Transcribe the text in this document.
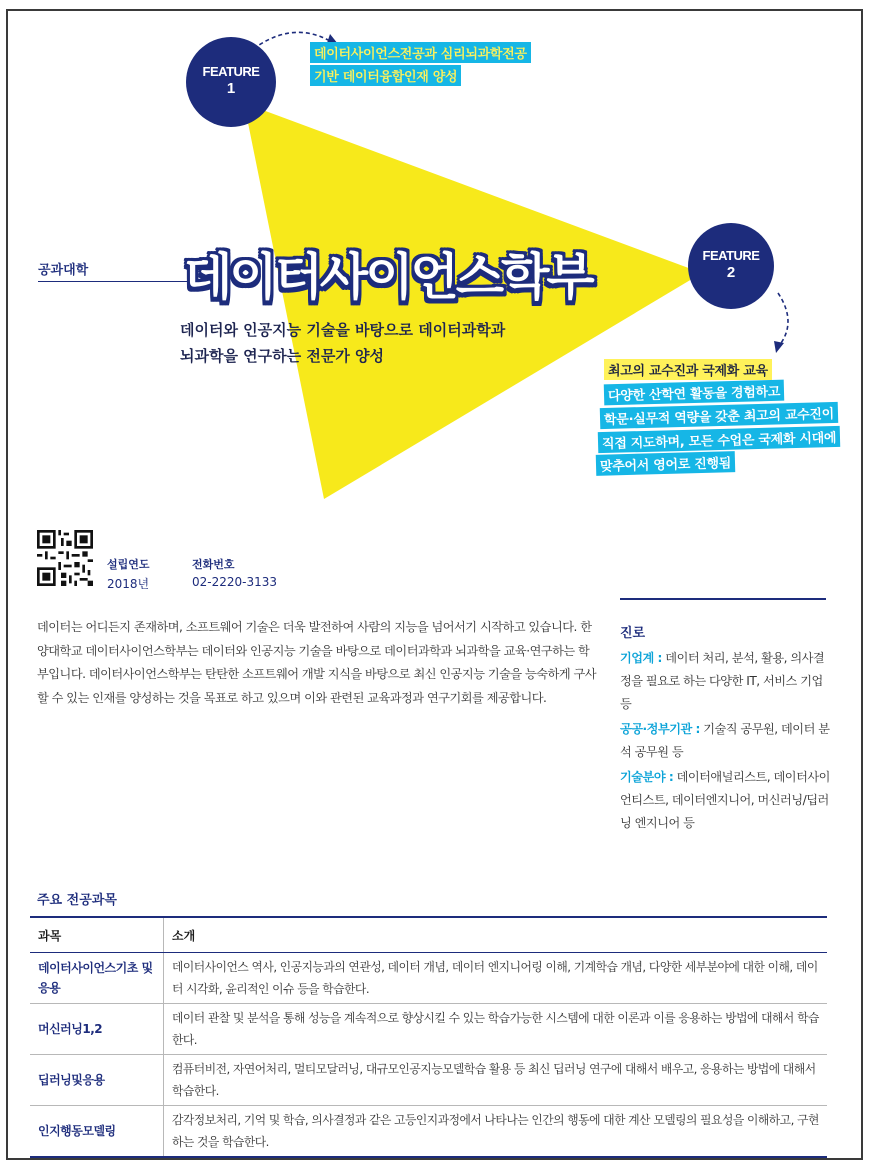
FEATURE
1
데이터사이언스전공과 심리뇌과학전공
기반 데이터융합인재 양성
FEATURE
2
최고의 교수진과 국제화 교육
다양한 산학연 활동을 경험하고
학문·실무적 역량을 갖춘 최고의 교수진이
직접 지도하며, 모든 수업은 국제화 시대에
맞추어서 영어로 진행됨
공과대학 데이터사이언스학부
데이터와 인공지능 기술을 바탕으로 데이터과학과
뇌과학을 연구하는 전문가 양성
설립연도
2018년
전화번호
02-2220-3133
데이터는 어디든지 존재하며, 소프트웨어 기술은 더욱 발전하여 사람의 지능을 넘어서기 시작하고 있습니다. 한양대학교 데이터사이언스학부는 데이터와 인공지능 기술을 바탕으로 데이터과학과 뇌과학을 교육·연구하는 학부입니다. 데이터사이언스학부는 탄탄한 소프트웨어 개발 지식을 바탕으로 최신 인공지능 기술을 능숙하게 구사할 수 있는 인재를 양성하는 것을 목표로 하고 있으며 이와 관련된 교육과정과 연구기회를 제공합니다.
진로

기업계 : 데이터 처리, 분석, 활용, 의사결정을 필요로 하는 다양한 IT, 서비스 기업 등

공공·정부기관 : 기술직 공무원, 데이터 분석 공무원 등

기술분야 : 데이터애널리스트, 데이터사이언티스트, 데이터엔지니어, 머신러닝/딥러닝 엔지니어 등

주요 전공과목
과목	소개
데이터사이언스기초 및 응용	데이터사이언스 역사, 인공지능과의 연관성, 데이터 개념, 데이터 엔지니어링 이해, 기계학습 개념, 다양한 세부분야에 대한 이해, 데이터 시각화, 윤리적인 이슈 등을 학습한다.
머신러닝1,2	데이터 관찰 및 분석을 통해 성능을 계속적으로 향상시킬 수 있는 학습가능한 시스템에 대한 이론과 이를 응용하는 방법에 대해서 학습한다.
딥러닝및응용	컴퓨터비전, 자연어처리, 멀티모달러닝, 대규모인공지능모델학습 활용 등 최신 딥러닝 연구에 대해서 배우고, 응용하는 방법에 대해서 학습한다.
인지행동모델링	감각정보처리, 기억 및 학습, 의사결정과 같은 고등인지과정에서 나타나는 인간의 행동에 대한 계산 모델링의 필요성을 이해하고, 구현하는 것을 학습한다.
